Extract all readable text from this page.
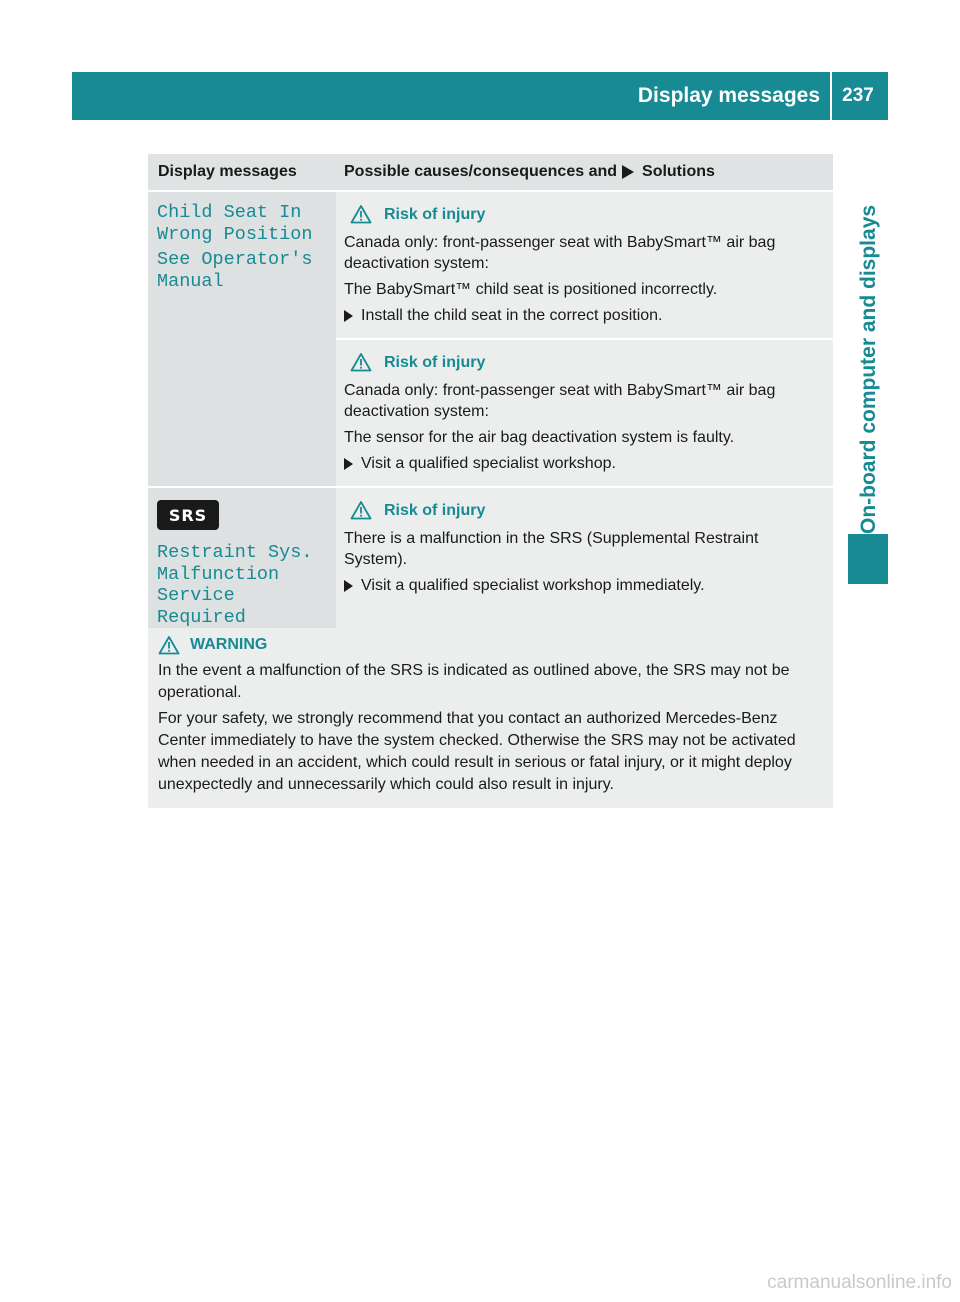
Display messages	237
On-board computer and displays
Display messages	Possible causes/consequences and Solutions
Child Seat In
Wrong Position
See Operator's
Manual
Risk of injury
Canada only: front-passenger seat with BabySmart™ air bag deactivation system:
The BabySmart™ child seat is positioned incorrectly.
Install the child seat in the correct position.
Risk of injury
Canada only: front-passenger seat with BabySmart™ air bag deactivation system:
The sensor for the air bag deactivation system is faulty.
Visit a qualified specialist workshop.
SRS
Restraint Sys.
Malfunction
Service Required
Risk of injury
There is a malfunction in the SRS (Supplemental Restraint System).
Visit a qualified specialist workshop immediately.
WARNING
In the event a malfunction of the SRS is indicated as outlined above, the SRS may not be operational.
For your safety, we strongly recommend that you contact an authorized Mercedes-Benz Center immediately to have the system checked. Otherwise the SRS may not be activated when needed in an accident, which could result in serious or fatal injury, or it might deploy unexpectedly and unnecessarily which could also result in injury.
carmanualsonline.info
